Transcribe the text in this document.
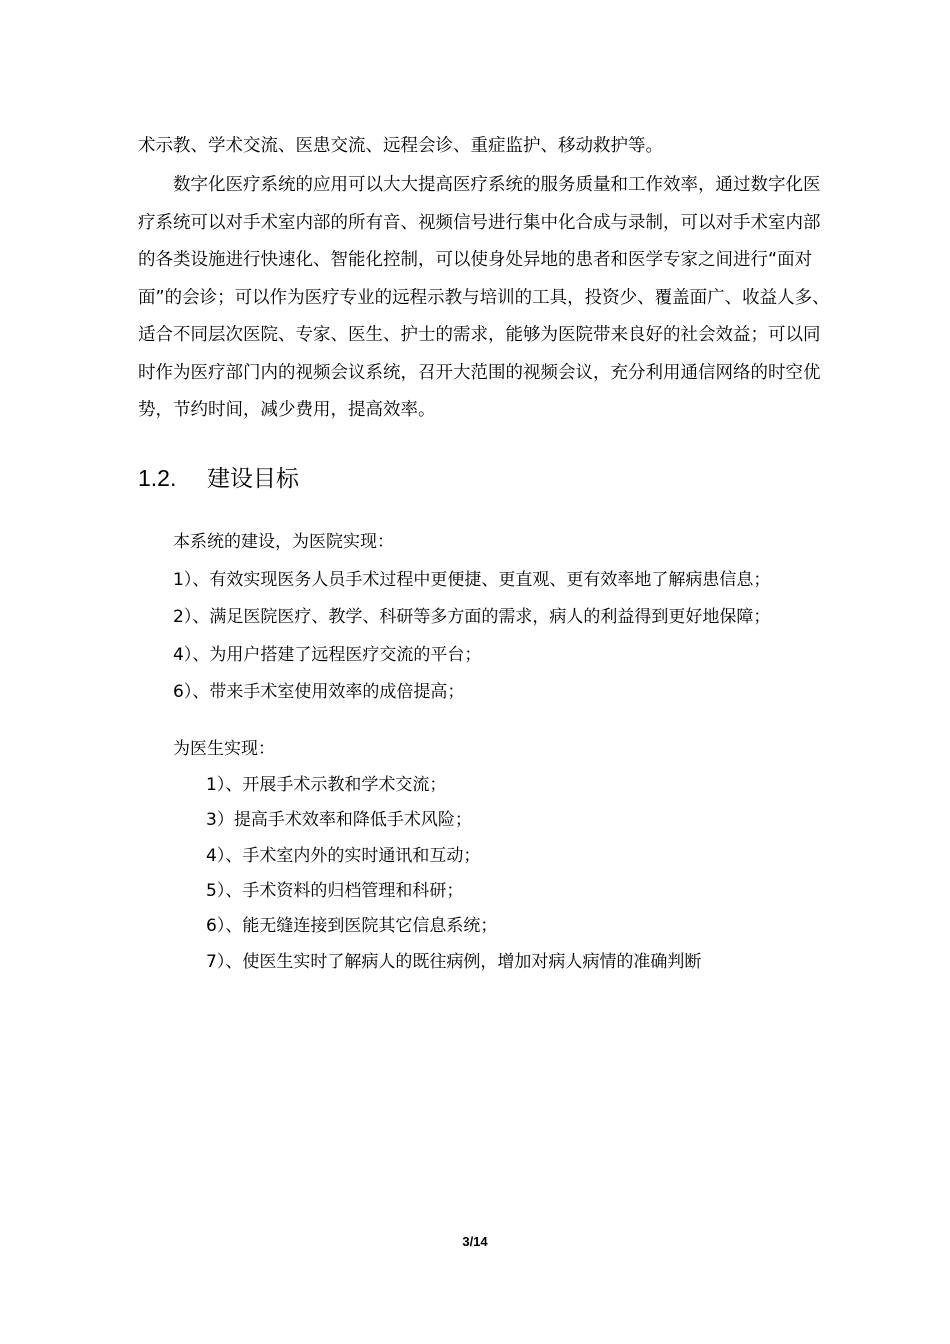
术示教、学术交流、医患交流、远程会诊、重症监护、移动救护等。

数字化医疗系统的应用可以大大提高医疗系统的服务质量和工作效率，通过数字化医
疗系统可以对手术室内部的所有音、视频信号进行集中化合成与录制，可以对手术室内部
的各类设施进行快速化、智能化控制，可以使身处异地的患者和医学专家之间进行“面对
面”的会诊；可以作为医疗专业的远程示教与培训的工具，投资少、覆盖面广、收益人多、
适合不同层次医院、专家、医生、护士的需求，能够为医院带来良好的社会效益；可以同
时作为医疗部门内的视频会议系统，召开大范围的视频会议，充分利用通信网络的时空优
势，节约时间，减少费用，提高效率。

1.2. 建设目标

本系统的建设，为医院实现：

1）、有效实现医务人员手术过程中更便捷、更直观、更有效率地了解病患信息；

2）、满足医院医疗、教学、科研等多方面的需求，病人的利益得到更好地保障；

4）、为用户搭建了远程医疗交流的平台；

6）、带来手术室使用效率的成倍提高；

为医生实现：

1）、开展手术示教和学术交流；

3）提高手术效率和降低手术风险；

4）、手术室内外的实时通讯和互动；

5）、手术资料的归档管理和科研；

6）、能无缝连接到医院其它信息系统；

7）、使医生实时了解病人的既往病例，增加对病人病情的准确判断

3/14
